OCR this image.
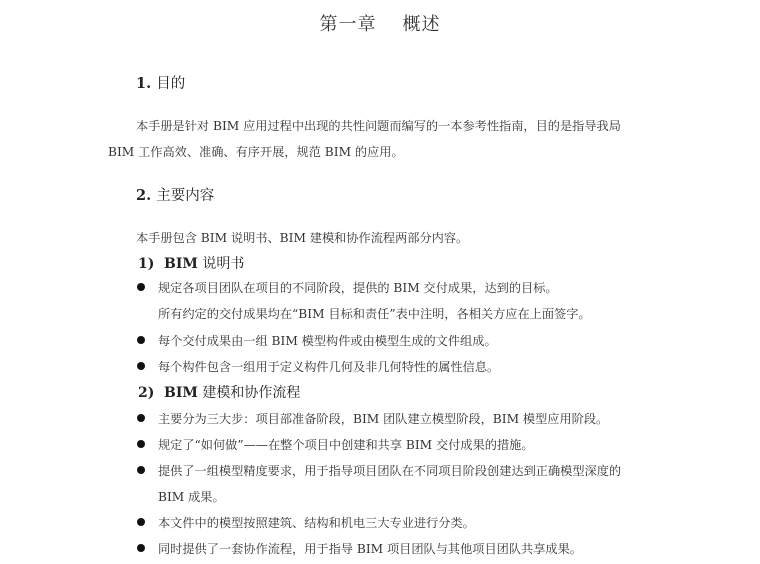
第一章 概述
1. 目的
本手册是针对 BIM 应用过程中出现的共性问题而编写的一本参考性指南，目的是指导我局
BIM 工作高效、准确、有序开展，规范 BIM 的应用。
2. 主要内容
本手册包含 BIM 说明书、BIM 建模和协作流程两部分内容。
1) BIM 说明书
规定各项目团队在项目的不同阶段，提供的 BIM 交付成果，达到的目标。
所有约定的交付成果均在“BIM 目标和责任”表中注明，各相关方应在上面签字。
每个交付成果由一组 BIM 模型构件或由模型生成的文件组成。
每个构件包含一组用于定义构件几何及非几何特性的属性信息。
2) BIM 建模和协作流程
主要分为三大步：项目部准备阶段，BIM 团队建立模型阶段，BIM 模型应用阶段。
规定了“如何做”——在整个项目中创建和共享 BIM 交付成果的措施。
提供了一组模型精度要求，用于指导项目团队在不同项目阶段创建达到正确模型深度的
BIM 成果。
本文件中的模型按照建筑、结构和机电三大专业进行分类。
同时提供了一套协作流程，用于指导 BIM 项目团队与其他项目团队共享成果。
